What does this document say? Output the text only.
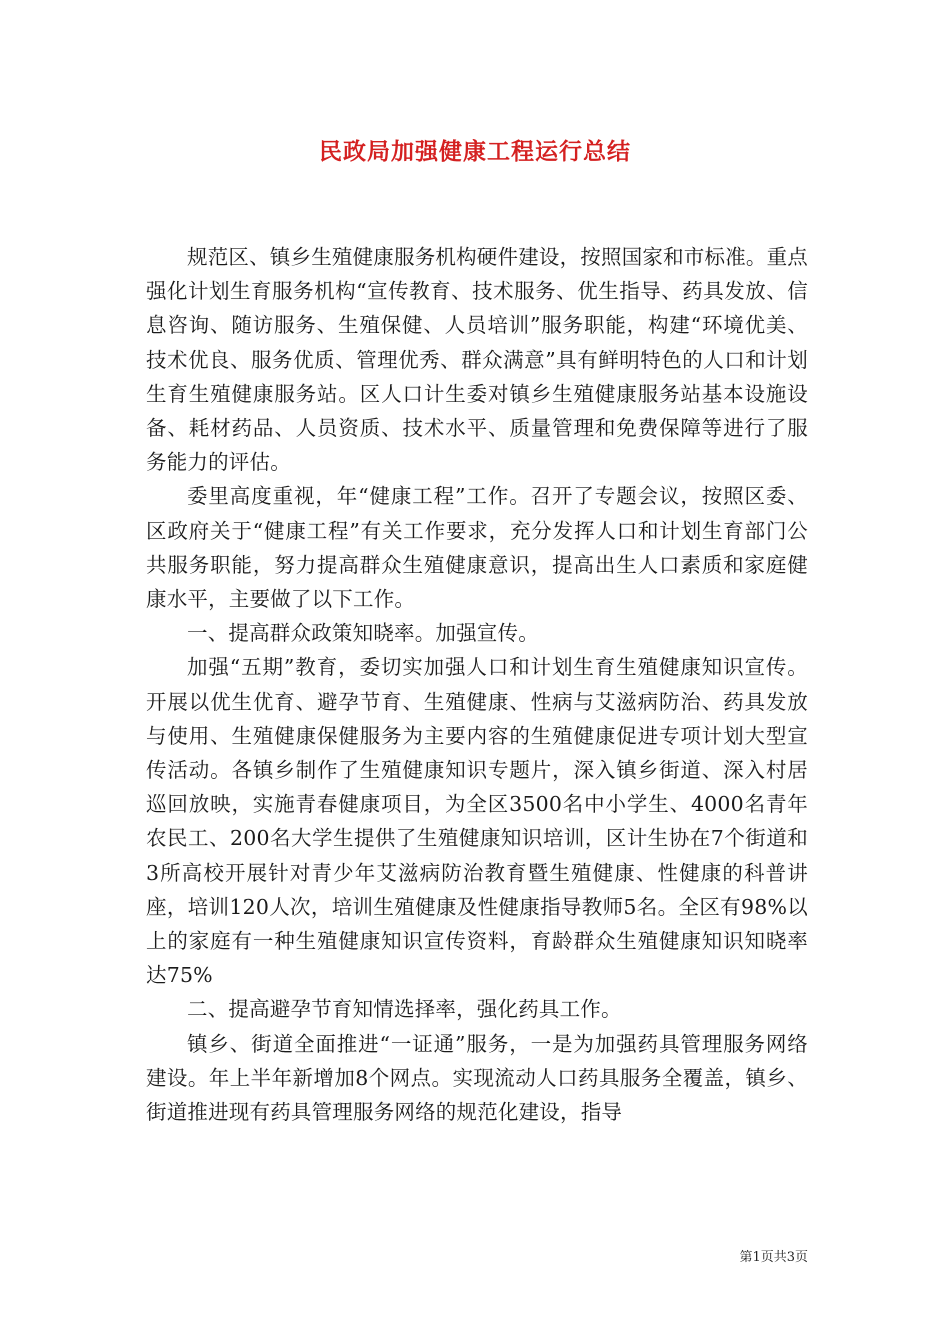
民政局加强健康工程运行总结

规范区、镇乡生殖健康服务机构硬件建设，按照国家和市标准。重点强化计划生育服务机构“宣传教育、技术服务、优生指导、药具发放、信息咨询、随访服务、生殖保健、人员培训”服务职能，构建“环境优美、技术优良、服务优质、管理优秀、群众满意”具有鲜明特色的人口和计划生育生殖健康服务站。区人口计生委对镇乡生殖健康服务站基本设施设备、耗材药品、人员资质、技术水平、质量管理和免费保障等进行了服务能力的评估。

委里高度重视，年“健康工程”工作。召开了专题会议，按照区委、区政府关于“健康工程”有关工作要求，充分发挥人口和计划生育部门公共服务职能，努力提高群众生殖健康意识，提高出生人口素质和家庭健康水平，主要做了以下工作。

一、提高群众政策知晓率。加强宣传。

加强“五期”教育，委切实加强人口和计划生育生殖健康知识宣传。开展以优生优育、避孕节育、生殖健康、性病与艾滋病防治、药具发放与使用、生殖健康保健服务为主要内容的生殖健康促进专项计划大型宣传活动。各镇乡制作了生殖健康知识专题片，深入镇乡街道、深入村居巡回放映，实施青春健康项目，为全区3500名中小学生、4000名青年农民工、200名大学生提供了生殖健康知识培训，区计生协在7个街道和3所高校开展针对青少年艾滋病防治教育暨生殖健康、性健康的科普讲座，培训120人次，培训生殖健康及性健康指导教师5名。全区有98%以上的家庭有一种生殖健康知识宣传资料，育龄群众生殖健康知识知晓率达75%

二、提高避孕节育知情选择率，强化药具工作。

镇乡、街道全面推进“一证通”服务，一是为加强药具管理服务网络建设。年上半年新增加8个网点。实现流动人口药具服务全覆盖，镇乡、街道推进现有药具管理服务网络的规范化建设，指导

第1页共3页
